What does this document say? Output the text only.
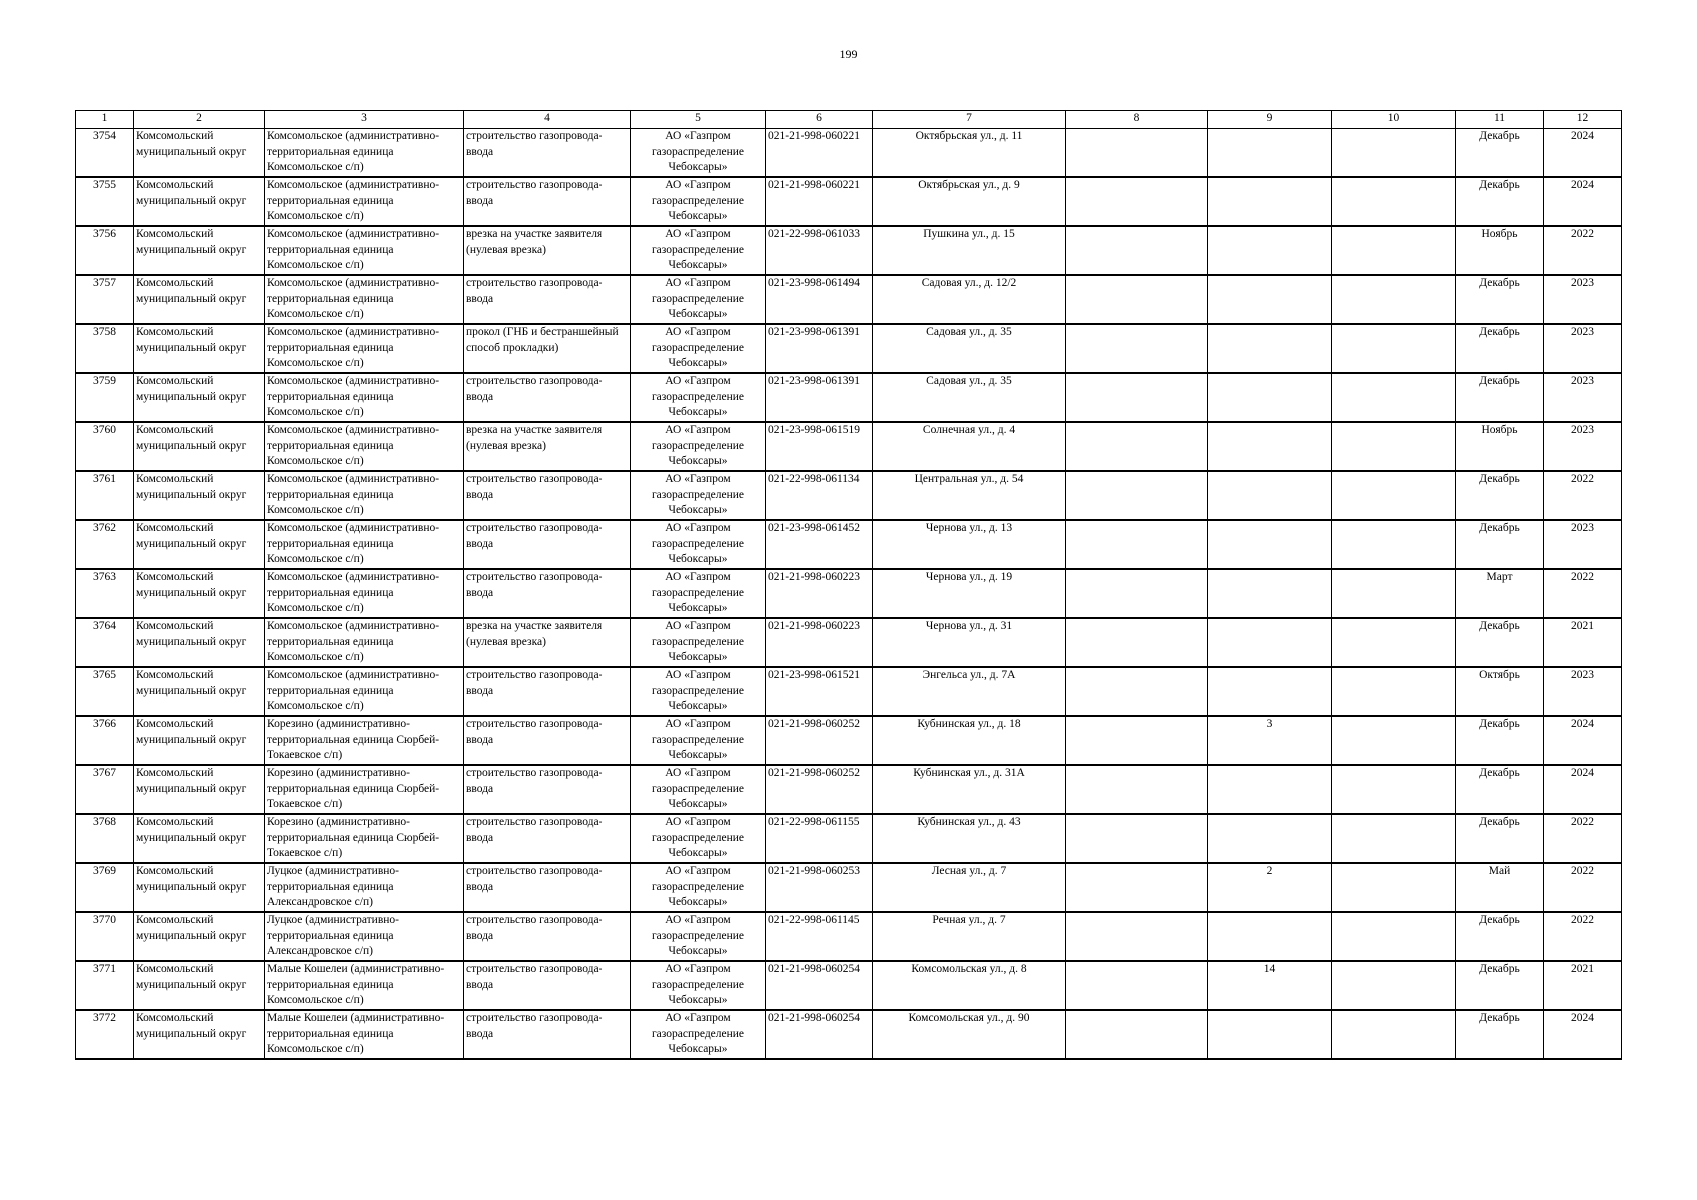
199
1	2	3	4	5	6	7	8	9	10	11	12
3754	Комсомольский муниципальный округ	Комсомольское (административно-территориальная единица Комсомольское с/п)	строительство газопровода-ввода	АО «Газпром газораспределение Чебоксары»	021-21-998-060221	Октябрьская ул., д. 11				Декабрь	2024
3755	Комсомольский муниципальный округ	Комсомольское (административно-территориальная единица Комсомольское с/п)	строительство газопровода-ввода	АО «Газпром газораспределение Чебоксары»	021-21-998-060221	Октябрьская ул., д. 9				Декабрь	2024
3756	Комсомольский муниципальный округ	Комсомольское (административно-территориальная единица Комсомольское с/п)	врезка на участке заявителя (нулевая врезка)	АО «Газпром газораспределение Чебоксары»	021-22-998-061033	Пушкина ул., д. 15				Ноябрь	2022
3757	Комсомольский муниципальный округ	Комсомольское (административно-территориальная единица Комсомольское с/п)	строительство газопровода-ввода	АО «Газпром газораспределение Чебоксары»	021-23-998-061494	Садовая ул., д. 12/2				Декабрь	2023
3758	Комсомольский муниципальный округ	Комсомольское (административно-территориальная единица Комсомольское с/п)	прокол (ГНБ и бестраншейный способ прокладки)	АО «Газпром газораспределение Чебоксары»	021-23-998-061391	Садовая ул., д. 35				Декабрь	2023
3759	Комсомольский муниципальный округ	Комсомольское (административно-территориальная единица Комсомольское с/п)	строительство газопровода-ввода	АО «Газпром газораспределение Чебоксары»	021-23-998-061391	Садовая ул., д. 35				Декабрь	2023
3760	Комсомольский муниципальный округ	Комсомольское (административно-территориальная единица Комсомольское с/п)	врезка на участке заявителя (нулевая врезка)	АО «Газпром газораспределение Чебоксары»	021-23-998-061519	Солнечная ул., д. 4				Ноябрь	2023
3761	Комсомольский муниципальный округ	Комсомольское (административно-территориальная единица Комсомольское с/п)	строительство газопровода-ввода	АО «Газпром газораспределение Чебоксары»	021-22-998-061134	Центральная ул., д. 54				Декабрь	2022
3762	Комсомольский муниципальный округ	Комсомольское (административно-территориальная единица Комсомольское с/п)	строительство газопровода-ввода	АО «Газпром газораспределение Чебоксары»	021-23-998-061452	Чернова ул., д. 13				Декабрь	2023
3763	Комсомольский муниципальный округ	Комсомольское (административно-территориальная единица Комсомольское с/п)	строительство газопровода-ввода	АО «Газпром газораспределение Чебоксары»	021-21-998-060223	Чернова ул., д. 19				Март	2022
3764	Комсомольский муниципальный округ	Комсомольское (административно-территориальная единица Комсомольское с/п)	врезка на участке заявителя (нулевая врезка)	АО «Газпром газораспределение Чебоксары»	021-21-998-060223	Чернова ул., д. 31				Декабрь	2021
3765	Комсомольский муниципальный округ	Комсомольское (административно-территориальная единица Комсомольское с/п)	строительство газопровода-ввода	АО «Газпром газораспределение Чебоксары»	021-23-998-061521	Энгельса ул., д. 7А				Октябрь	2023
3766	Комсомольский муниципальный округ	Корезино (административно-территориальная единица Сюрбей-Токаевское с/п)	строительство газопровода-ввода	АО «Газпром газораспределение Чебоксары»	021-21-998-060252	Кубнинская ул., д. 18		3		Декабрь	2024
3767	Комсомольский муниципальный округ	Корезино (административно-территориальная единица Сюрбей-Токаевское с/п)	строительство газопровода-ввода	АО «Газпром газораспределение Чебоксары»	021-21-998-060252	Кубнинская ул., д. 31А				Декабрь	2024
3768	Комсомольский муниципальный округ	Корезино (административно-территориальная единица Сюрбей-Токаевское с/п)	строительство газопровода-ввода	АО «Газпром газораспределение Чебоксары»	021-22-998-061155	Кубнинская ул., д. 43				Декабрь	2022
3769	Комсомольский муниципальный округ	Луцкое (административно-территориальная единица Александровское с/п)	строительство газопровода-ввода	АО «Газпром газораспределение Чебоксары»	021-21-998-060253	Лесная ул., д. 7		2		Май	2022
3770	Комсомольский муниципальный округ	Луцкое (административно-территориальная единица Александровское с/п)	строительство газопровода-ввода	АО «Газпром газораспределение Чебоксары»	021-22-998-061145	Речная ул., д. 7				Декабрь	2022
3771	Комсомольский муниципальный округ	Малые Кошелеи (административно-территориальная единица Комсомольское с/п)	строительство газопровода-ввода	АО «Газпром газораспределение Чебоксары»	021-21-998-060254	Комсомольская ул., д. 8		14		Декабрь	2021
3772	Комсомольский муниципальный округ	Малые Кошелеи (административно-территориальная единица Комсомольское с/п)	строительство газопровода-ввода	АО «Газпром газораспределение Чебоксары»	021-21-998-060254	Комсомольская ул., д. 90				Декабрь	2024
